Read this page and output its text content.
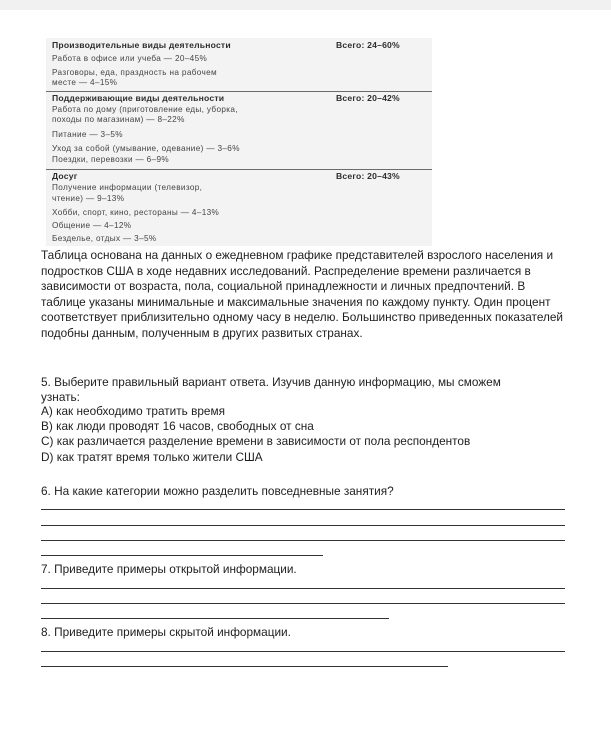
Производительные виды деятельности	Всего: 24–60%
Работа в офисе или учеба — 20–45%
Разговоры, еда, праздность на рабочем
месте — 4–15%
Поддерживающие виды деятельности	Всего: 20–42%
Работа по дому (приготовление еды, уборка,
походы по магазинам) — 8–22%
Питание — 3–5%
Уход за собой (умывание, одевание) — 3–6%
Поездки, перевозки — 6–9%
Досуг	Всего: 20–43%
Получение информации (телевизор,
чтение) — 9–13%
Хобби, спорт, кино, рестораны — 4–13%
Общение — 4–12%
Безделье, отдых — 3–5%

Таблица основана на данных о ежедневном графике представителей взрослого населения и подростков США в ходе недавних исследований. Распределение времени различается в зависимости от возраста, пола, социальной принадлежности и личных предпочтений. В таблице указаны минимальные и максимальные значения по каждому пункту. Один процент соответствует приблизительно одному часу в неделю. Большинство приведенных показателей подобны данным, полученным в других развитых странах.

5. Выберите правильный вариант ответа. Изучив данную информацию, мы сможем
узнать:
A) как необходимо тратить время
B) как люди проводят 16 часов, свободных от сна
C) как различается разделение времени в зависимости от пола респондентов
D) как тратят время только жители США
6. На какие категории можно разделить повседневные занятия?
7. Приведите примеры открытой информации.
8. Приведите примеры скрытой информации.
